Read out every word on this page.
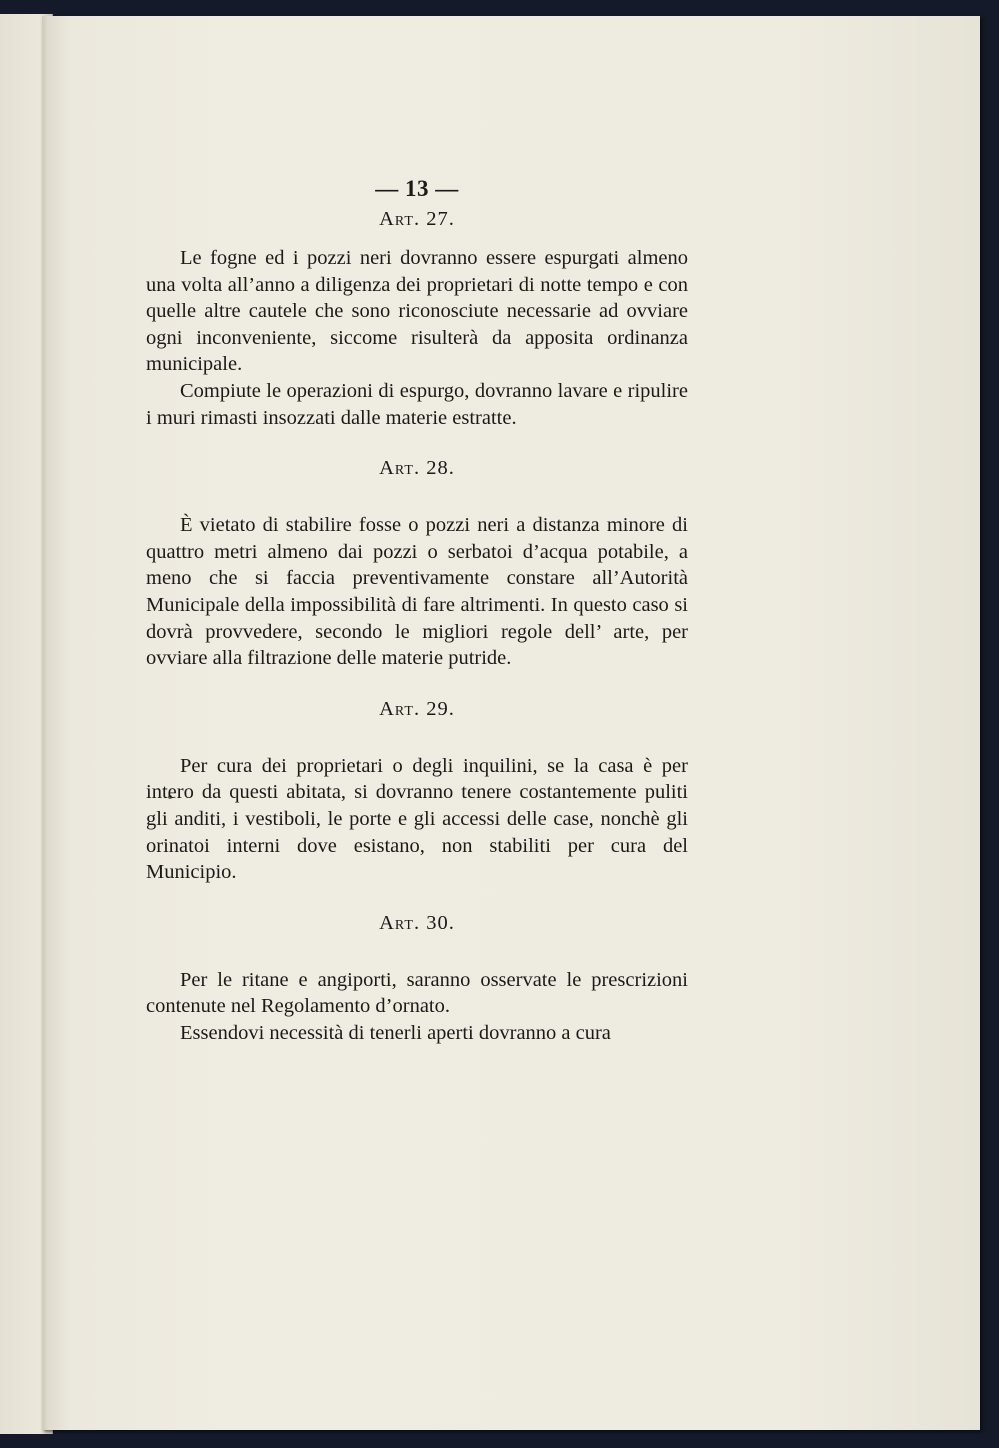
— 13 —
Art. 27.

Le fogne ed i pozzi neri dovranno essere espurgati almeno una volta all’anno a diligenza dei proprietari di notte tempo e con quelle altre cautele che sono riconosciute necessarie ad ovviare ogni inconveniente, siccome risulterà da apposita ordinanza municipale.

Compiute le operazioni di espurgo, dovranno lavare e ripulire i muri rimasti insozzati dalle materie estratte.

Art. 28.

È vietato di stabilire fosse o pozzi neri a distanza minore di quattro metri almeno dai pozzi o serbatoi d’acqua potabile, a meno che si faccia preventivamente constare all’Autorità Municipale della impossibilità di fare altrimenti. In questo caso si dovrà provvedere, secondo le migliori regole dell’ arte, per ovviare alla filtrazione delle materie putride.

Art. 29.

Per cura dei proprietari o degli inquilini, se la casa è per intero da questi abitata, si dovranno tenere costantemente puliti gli anditi, i vestiboli, le porte e gli accessi delle case, nonchè gli orinatoi interni dove esistano, non stabiliti per cura del Municipio.

Art. 30.

Per le ritane e angiporti, saranno osservate le prescrizioni contenute nel Regolamento d’ornato.

Essendovi necessità di tenerli aperti dovranno a cura
